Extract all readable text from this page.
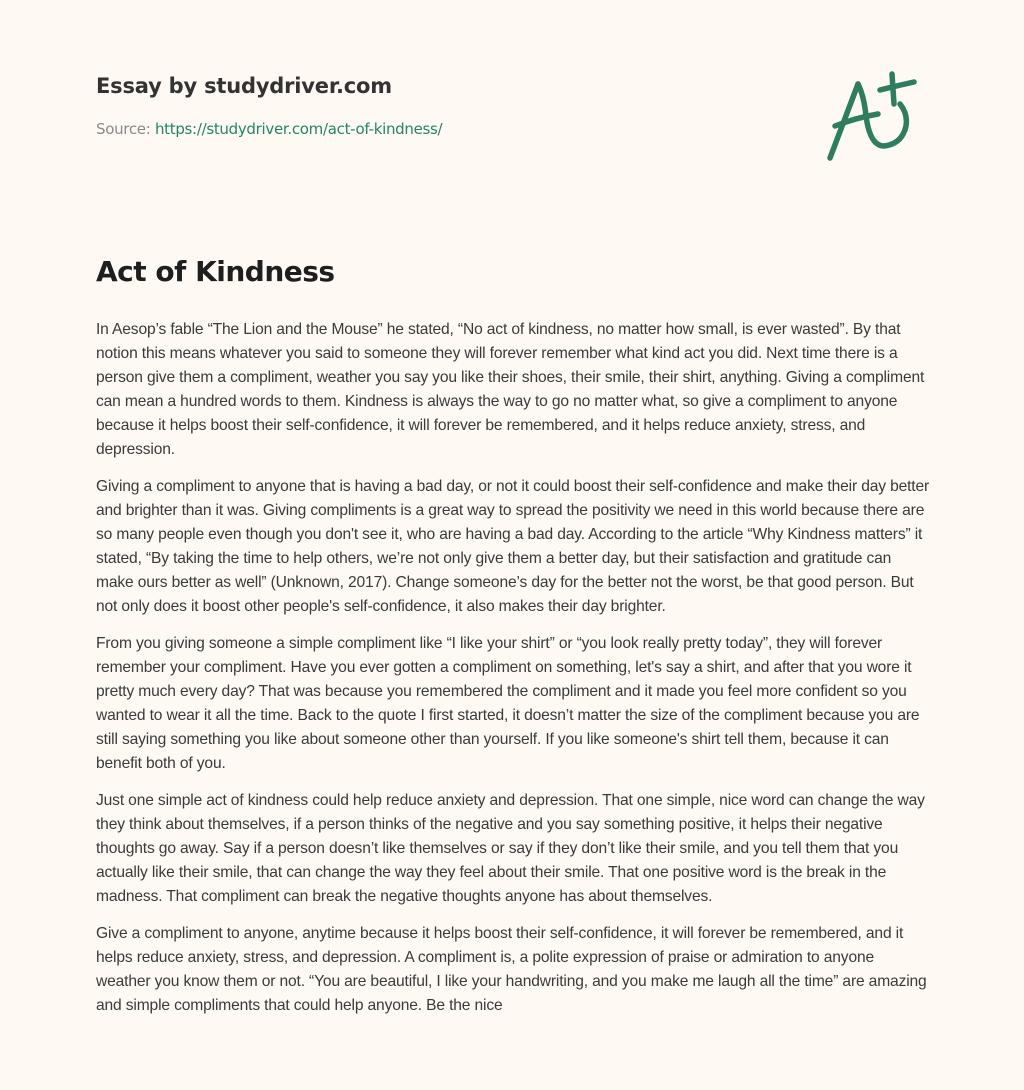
Essay by studydriver.com
Source: https://studydriver.com/act-of-kindness/
Act of Kindness

In Aesop’s fable “The Lion and the Mouse” he stated, “No act of kindness, no matter how small, is ever wasted”. By that notion this means whatever you said to someone they will forever remember what kind act you did. Next time there is a person give them a compliment, weather you say you like their shoes, their smile, their shirt, anything. Giving a compliment can mean a hundred words to them. Kindness is always the way to go no matter what, so give a compliment to anyone because it helps boost their self-confidence, it will forever be remembered, and it helps reduce anxiety, stress, and depression.

Giving a compliment to anyone that is having a bad day, or not it could boost their self-confidence and make their day better and brighter than it was. Giving compliments is a great way to spread the positivity we need in this world because there are so many people even though you don't see it, who are having a bad day. According to the article “Why Kindness matters” it stated, “By taking the time to help others, we’re not only give them a better day, but their satisfaction and gratitude can make ours better as well” (Unknown, 2017). Change someone’s day for the better not the worst, be that good person. But not only does it boost other people's self-confidence, it also makes their day brighter.

From you giving someone a simple compliment like “I like your shirt” or “you look really pretty today”, they will forever remember your compliment. Have you ever gotten a compliment on something, let's say a shirt, and after that you wore it pretty much every day? That was because you remembered the compliment and it made you feel more confident so you wanted to wear it all the time. Back to the quote I first started, it doesn’t matter the size of the compliment because you are still saying something you like about someone other than yourself. If you like someone's shirt tell them, because it can benefit both of you.

Just one simple act of kindness could help reduce anxiety and depression. That one simple, nice word can change the way they think about themselves, if a person thinks of the negative and you say something positive, it helps their negative thoughts go away. Say if a person doesn’t like themselves or say if they don’t like their smile, and you tell them that you actually like their smile, that can change the way they feel about their smile. That one positive word is the break in the madness. That compliment can break the negative thoughts anyone has about themselves.

Give a compliment to anyone, anytime because it helps boost their self-confidence, it will forever be remembered, and it helps reduce anxiety, stress, and depression. A compliment is, a polite expression of praise or admiration to anyone weather you know them or not. “You are beautiful, I like your handwriting, and you make me laugh all the time” are amazing and simple compliments that could help anyone. Be the nice
